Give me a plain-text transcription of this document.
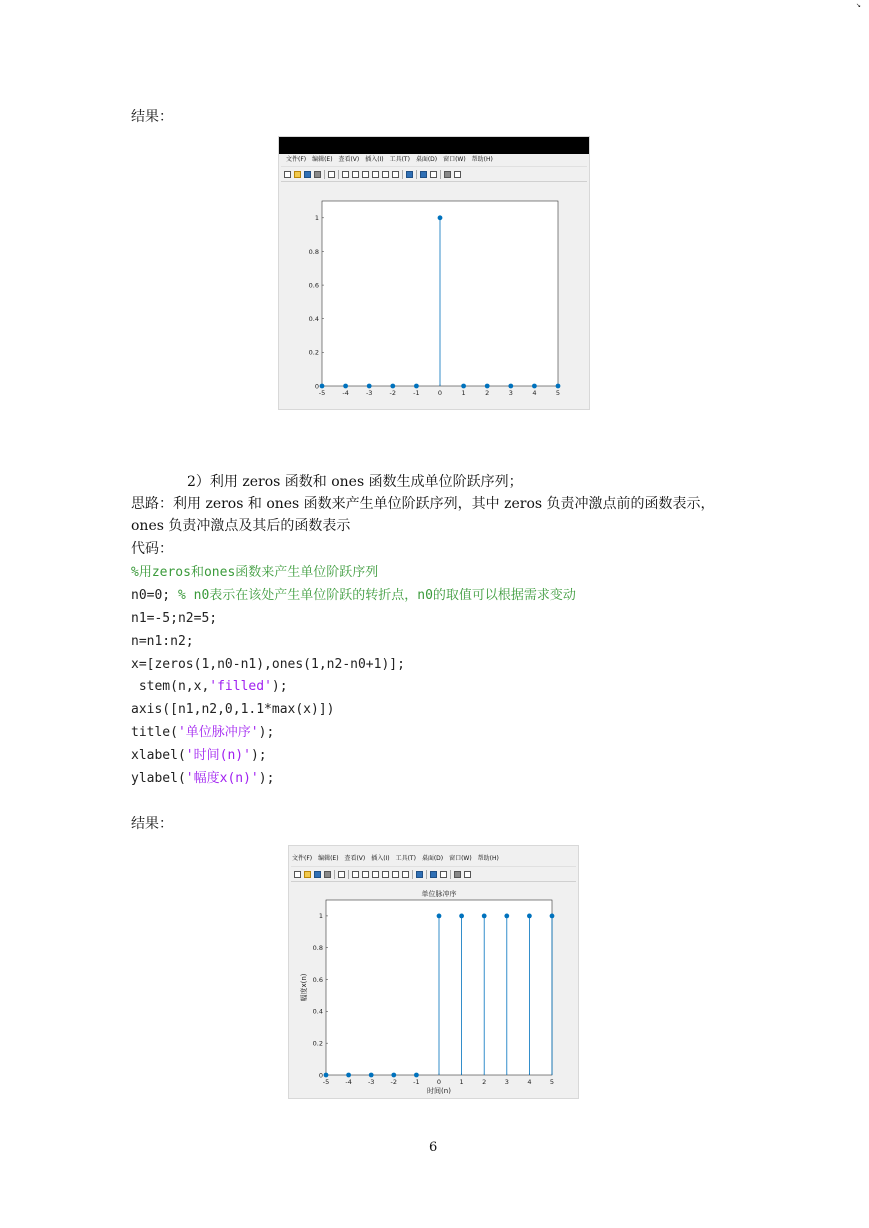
结果：
文件(F) 编辑(E) 查看(V) 插入(I) 工具(T) 桌面(D) 窗口(W) 帮助(H)
↘
-5	-4	-3	-2	-1	0	1	2	3	4	5
0
0.2
0.4
0.6
0.8
1
2）利用 zeros 函数和 ones 函数生成单位阶跃序列；
思路：利用 zeros 和 ones 函数来产生单位阶跃序列，其中 zeros 负责冲激点前的函数表示，
ones 负责冲激点及其后的函数表示
代码：
%用zeros和ones函数来产生单位阶跃序列
n0=0; % n0表示在该处产生单位阶跃的转折点，n0的取值可以根据需求变动
n1=-5;n2=5;
n=n1:n2;
x=[zeros(1,n0-n1),ones(1,n2-n0+1)];
stem(n,x,'filled');
axis([n1,n2,0,1.1*max(x)])
title('单位脉冲序');
xlabel('时间(n)');
ylabel('幅度x(n)');
结果：
文件(F) 编辑(E) 查看(V) 插入(I) 工具(T) 桌面(D) 窗口(W) 帮助(H)
-5 -4 -3 -2 -1	0	1	2	3	4	5
0
0.2
0.4
0.6
0.8
1
单位脉冲序
时间(n)
幅度x(n)
6
